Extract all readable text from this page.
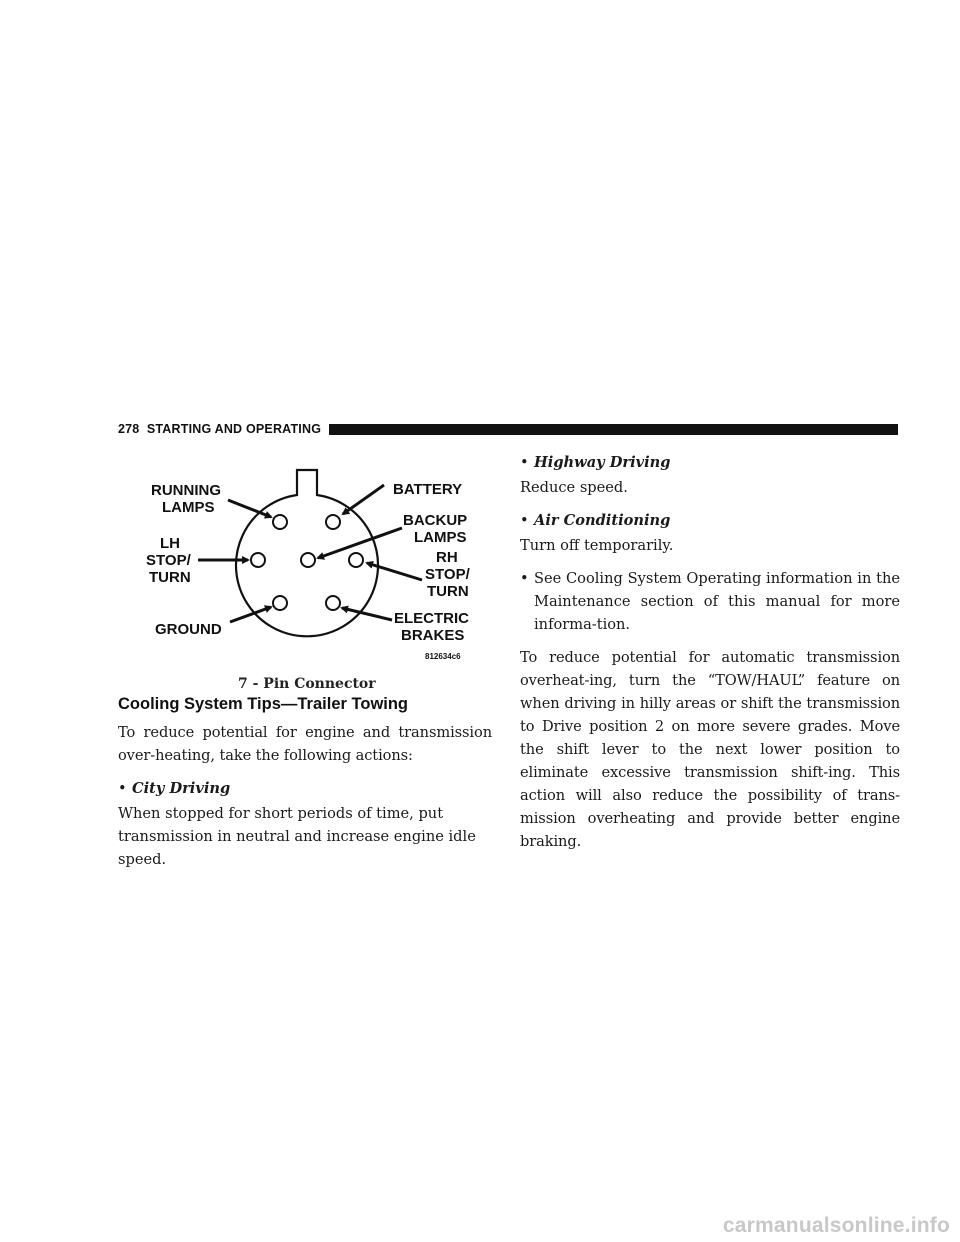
278 STARTING AND OPERATING
RUNNING
LAMPS
BATTERY
BACKUP
LAMPS
LH
STOP/
TURN
RH
STOP/
TURN
GROUND
ELECTRIC
BRAKES
812634c6
7 - Pin Connector
Cooling System Tips—Trailer Towing

To reduce potential for engine and transmission over-heating, take the following actions:

• City Driving

When stopped for short periods of time, put transmission in neutral and increase engine idle speed.

• Highway Driving

Reduce speed.

• Air Conditioning

Turn off temporarily.

• See Cooling System Operating information in the Maintenance section of this manual for more informa-tion.

To reduce potential for automatic transmission overheat-ing, turn the “TOW/HAUL” feature on when driving in hilly areas or shift the transmission to Drive position 2 on more severe grades. Move the shift lever to the next lower position to eliminate excessive transmission shift-ing. This action will also reduce the possibility of trans-mission overheating and provide better engine braking.

carmanualsonline.info
